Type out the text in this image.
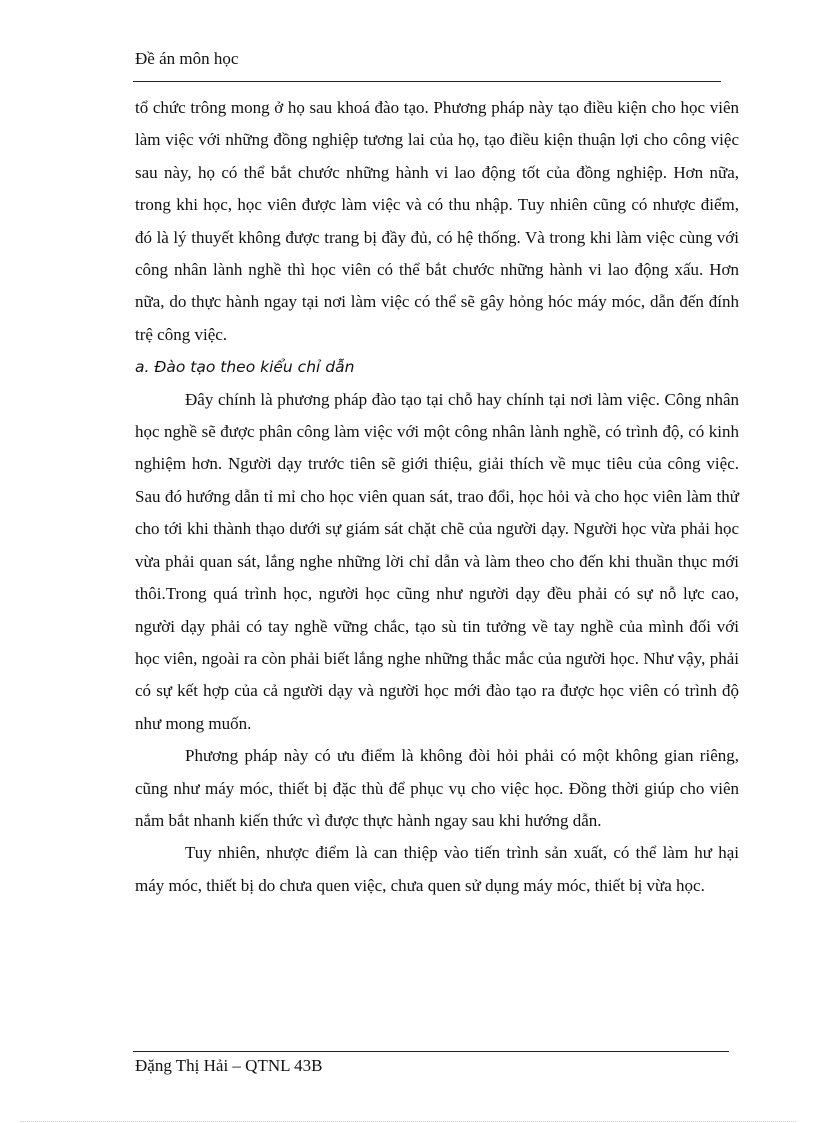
Đề án môn học

tổ chức trông mong ở họ sau khoá đào tạo. Phương pháp này tạo điều kiện cho học viên làm việc với những đồng nghiệp tương lai của họ, tạo điều kiện thuận lợi cho công việc sau này, họ có thể bắt chước những hành vi lao động tốt của đồng nghiệp. Hơn nữa, trong khi học, học viên được làm việc và có thu nhập. Tuy nhiên cũng có nhược điểm, đó là lý thuyết không được trang bị đầy đủ, có hệ thống. Và trong khi làm việc cùng với công nhân lành nghề thì học viên có thể bắt chước những hành vi lao động xấu. Hơn nữa, do thực hành ngay tại nơi làm việc có thể sẽ gây hỏng hóc máy móc, dẫn đến đính trệ công việc.

a. Đào tạo theo kiểu chỉ dẫn

Đây chính là phương pháp đào tạo tại chỗ hay chính tại nơi làm việc. Công nhân học nghề sẽ được phân công làm việc với một công nhân lành nghề, có trình độ, có kinh nghiệm hơn. Người dạy trước tiên sẽ giới thiệu, giải thích về mục tiêu của công việc. Sau đó hướng dẫn tỉ mỉ cho học viên quan sát, trao đổi, học hỏi và cho học viên làm thử cho tới khi thành thạo dưới sự giám sát chặt chẽ của người dạy. Người học vừa phải học vừa phải quan sát, lắng nghe những lời chỉ dẫn và làm theo cho đến khi thuần thục mới thôi.Trong quá trình học, người học cũng như người dạy đều phải có sự nỗ lực cao, người dạy phải có tay nghề vững chắc, tạo sù tin tưởng về tay nghề của mình đối với học viên, ngoài ra còn phải biết lắng nghe những thắc mắc của người học. Như vậy, phải có sự kết hợp của cả người dạy và người học mới đào tạo ra được học viên có trình độ như mong muốn.

Phương pháp này có ưu điểm là không đòi hỏi phải có một không gian riêng, cũng như máy móc, thiết bị đặc thù để phục vụ cho việc học. Đồng thời giúp cho viên nắm bắt nhanh kiến thức vì được thực hành ngay sau khi hướng dẫn.

Tuy nhiên, nhược điểm là can thiệp vào tiến trình sản xuất, có thể làm hư hại máy móc, thiết bị do chưa quen việc, chưa quen sử dụng máy móc, thiết bị vừa học.

Đặng Thị Hải – QTNL 43B
